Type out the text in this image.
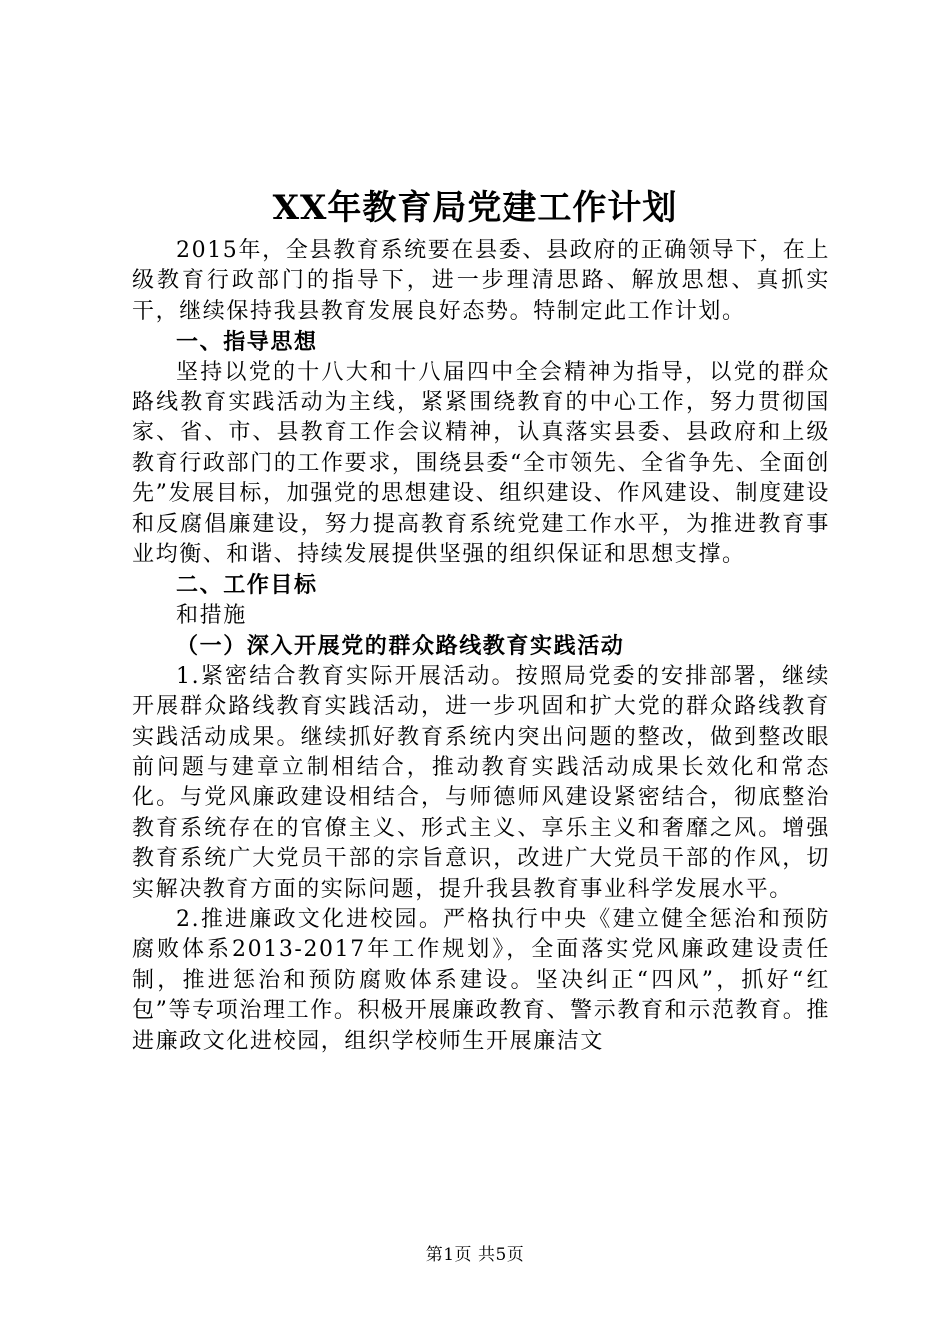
XX年教育局党建工作计划

2015年，全县教育系统要在县委、县政府的正确领导下，在上级教育行政部门的指导下，进一步理清思路、解放思想、真抓实干，继续保持我县教育发展良好态势。特制定此工作计划。

一、指导思想

坚持以党的十八大和十八届四中全会精神为指导，以党的群众路线教育实践活动为主线，紧紧围绕教育的中心工作，努力贯彻国家、省、市、县教育工作会议精神，认真落实县委、县政府和上级教育行政部门的工作要求，围绕县委“全市领先、全省争先、全面创先”发展目标，加强党的思想建设、组织建设、作风建设、制度建设和反腐倡廉建设，努力提高教育系统党建工作水平，为推进教育事业均衡、和谐、持续发展提供坚强的组织保证和思想支撑。

二、工作目标

和措施

（一）深入开展党的群众路线教育实践活动

1.紧密结合教育实际开展活动。按照局党委的安排部署，继续开展群众路线教育实践活动，进一步巩固和扩大党的群众路线教育实践活动成果。继续抓好教育系统内突出问题的整改，做到整改眼前问题与建章立制相结合，推动教育实践活动成果长效化和常态化。与党风廉政建设相结合，与师德师风建设紧密结合，彻底整治教育系统存在的官僚主义、形式主义、享乐主义和奢靡之风。增强教育系统广大党员干部的宗旨意识，改进广大党员干部的作风，切实解决教育方面的实际问题，提升我县教育事业科学发展水平。

2.推进廉政文化进校园。严格执行中央《建立健全惩治和预防腐败体系2013-2017年工作规划》，全面落实党风廉政建设责任制，推进惩治和预防腐败体系建设。坚决纠正“四风”，抓好“红包”等专项治理工作。积极开展廉政教育、警示教育和示范教育。推进廉政文化进校园，组织学校师生开展廉洁文

第1页 共5页
